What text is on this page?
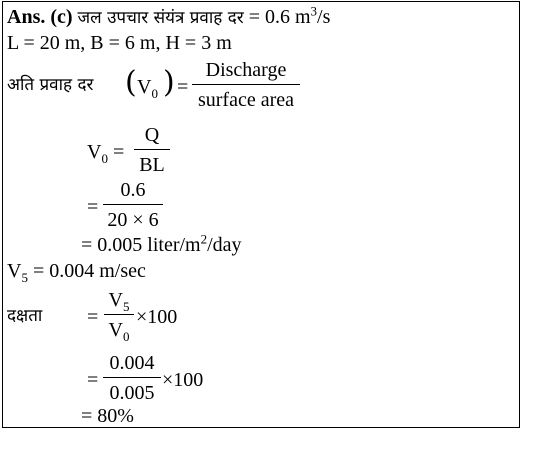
Ans. (c) जल उपचार संयंत्र प्रवाह दर = 0.6 $m^3/s$
L = 20 m, B = 6 m, H = 3 m
अति प्रवाह दर ( $V_0$ ) =
Discharge
surface area
$V_0$ =
Q
BL
=
0.6
20 × 6
= 0.005 liter/$m^2$/day
$V_5 = 0.004$ m/sec
दक्षता =
$V_5$
$V_0$
×100
=
0.004
0.005
×100
= 80%
